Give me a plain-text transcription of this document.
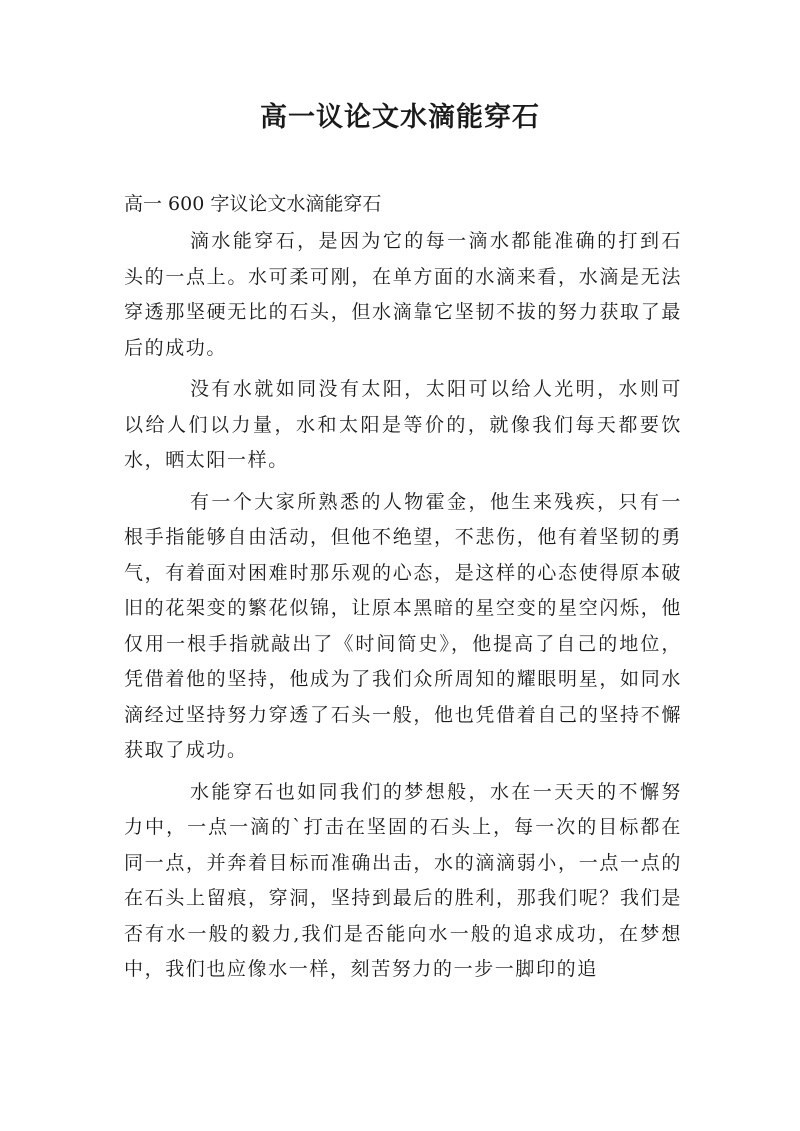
高一议论文水滴能穿石

高一 600 字议论文水滴能穿石

滴水能穿石，是因为它的每一滴水都能准确的打到石头的一点上。水可柔可刚，在单方面的水滴来看，水滴是无法穿透那坚硬无比的石头，但水滴靠它坚韧不拔的努力获取了最后的成功。

没有水就如同没有太阳，太阳可以给人光明，水则可以给人们以力量，水和太阳是等价的，就像我们每天都要饮水，晒太阳一样。

有一个大家所熟悉的人物霍金，他生来残疾，只有一根手指能够自由活动，但他不绝望，不悲伤，他有着坚韧的勇气，有着面对困难时那乐观的心态，是这样的心态使得原本破旧的花架变的繁花似锦，让原本黑暗的星空变的星空闪烁，他仅用一根手指就敲出了《时间简史》，他提高了自己的地位，凭借着他的坚持，他成为了我们众所周知的耀眼明星，如同水滴经过坚持努力穿透了石头一般，他也凭借着自己的坚持不懈获取了成功。

水能穿石也如同我们的梦想般，水在一天天的不懈努力中，一点一滴的`打击在坚固的石头上，每一次的目标都在同一点，并奔着目标而准确出击，水的滴滴弱小，一点一点的在石头上留痕，穿洞，坚持到最后的胜利，那我们呢？我们是否有水一般的毅力,我们是否能向水一般的追求成功，在梦想中，我们也应像水一样，刻苦努力的一步一脚印的追
